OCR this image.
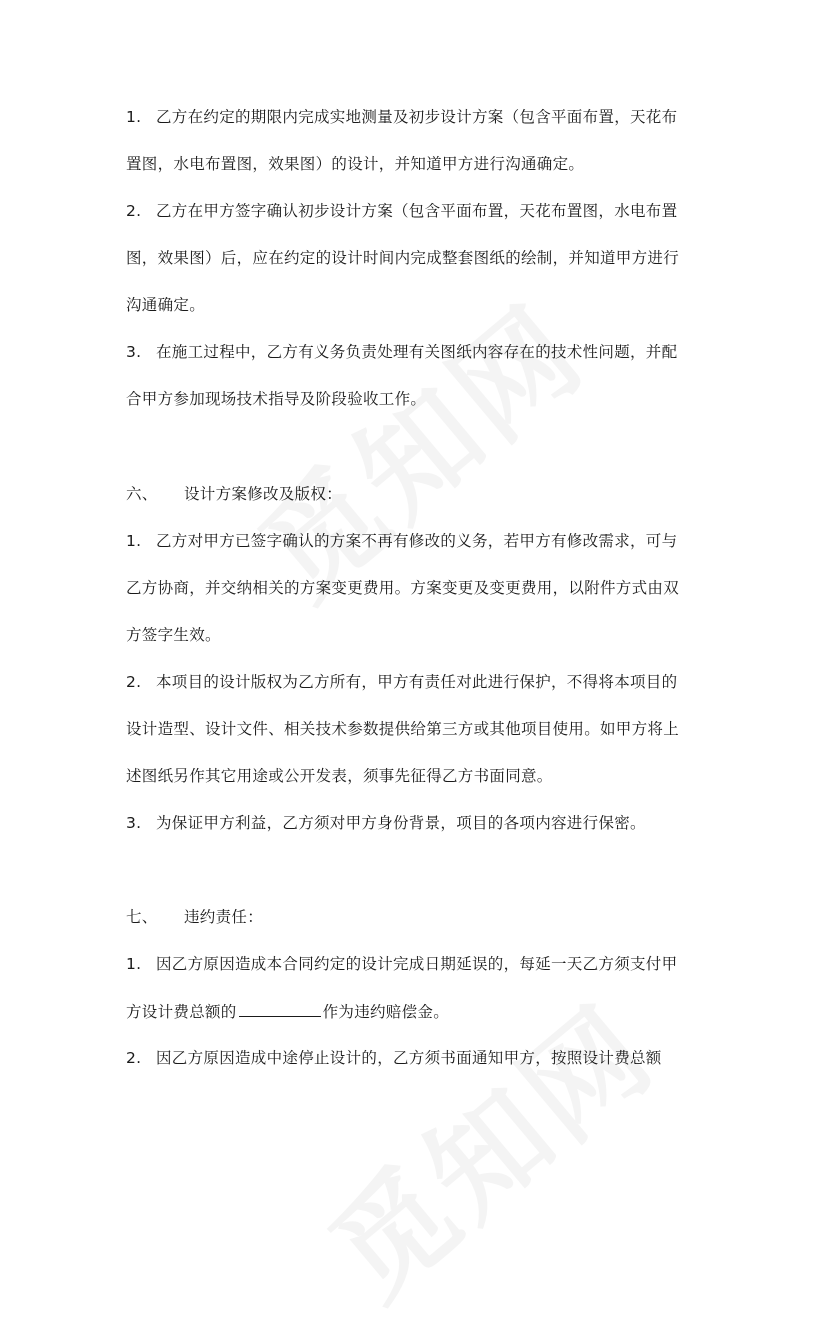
1. 乙方在约定的期限内完成实地测量及初步设计方案（包含平面布置，天花布
置图，水电布置图，效果图）的设计，并知道甲方进行沟通确定。
2. 乙方在甲方签字确认初步设计方案（包含平面布置，天花布置图，水电布置
图，效果图）后，应在约定的设计时间内完成整套图纸的绘制，并知道甲方进行
沟通确定。
3. 在施工过程中，乙方有义务负责处理有关图纸内容存在的技术性问题，并配
合甲方参加现场技术指导及阶段验收工作。
六、 设计方案修改及版权：
1. 乙方对甲方已签字确认的方案不再有修改的义务，若甲方有修改需求，可与
乙方协商，并交纳相关的方案变更费用。方案变更及变更费用，以附件方式由双
方签字生效。
2. 本项目的设计版权为乙方所有，甲方有责任对此进行保护，不得将本项目的
设计造型、设计文件、相关技术参数提供给第三方或其他项目使用。如甲方将上
述图纸另作其它用途或公开发表，须事先征得乙方书面同意。
3. 为保证甲方利益，乙方须对甲方身份背景，项目的各项内容进行保密。
七、 违约责任：
1. 因乙方原因造成本合同约定的设计完成日期延误的，每延一天乙方须支付甲
方设计费总额的	作为违约赔偿金。
2. 因乙方原因造成中途停止设计的，乙方须书面通知甲方，按照设计费总额
